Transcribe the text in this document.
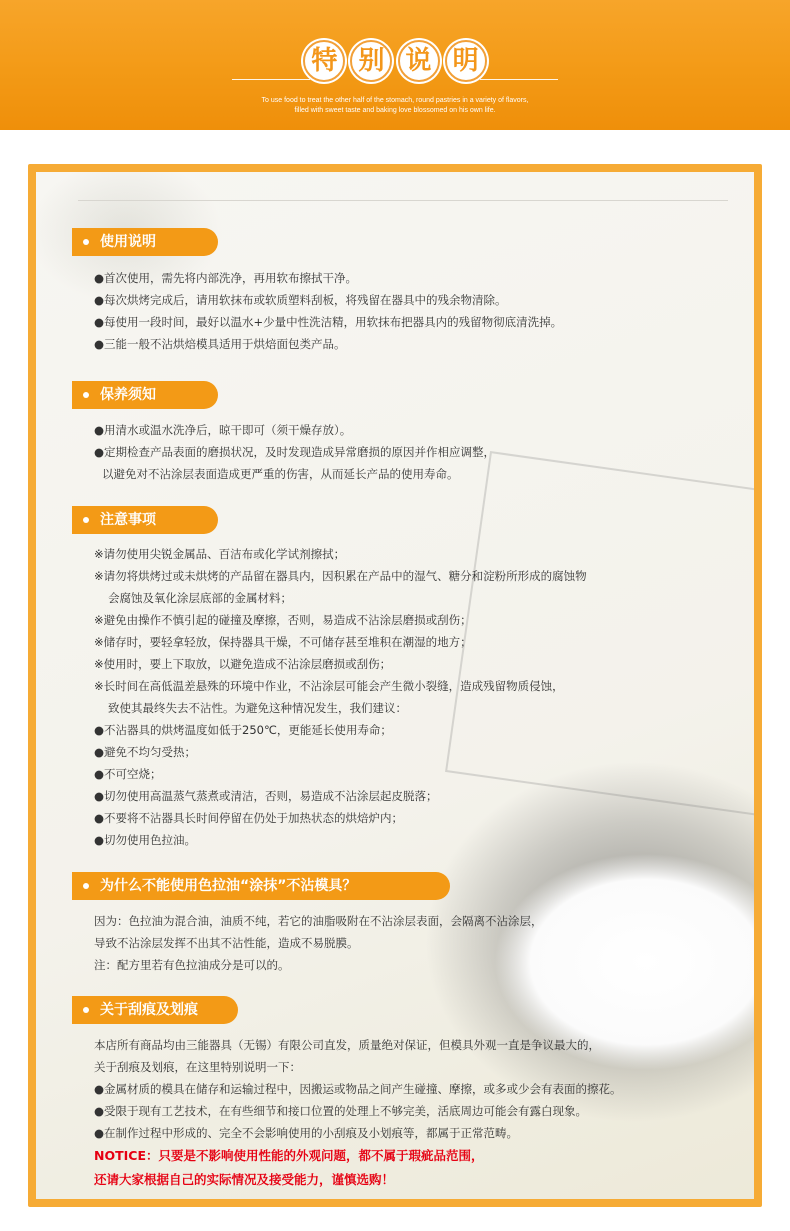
特 别 说 明
To use food to treat the other half of the stomach, round pastries in a variety of flavors,
filled with sweet taste and baking love blossomed on his own life.
使用说明
●首次使用，需先将内部洗净，再用软布擦拭干净。
●每次烘烤完成后，请用软抹布或软质塑料刮板，将残留在器具中的残余物清除。
●每使用一段时间，最好以温水+少量中性洗洁精，用软抹布把器具内的残留物彻底清洗掉。
●三能一般不沾烘焙模具适用于烘焙面包类产品。
保养须知
●用清水或温水洗净后，晾干即可（须干燥存放）。
●定期检查产品表面的磨损状况，及时发现造成异常磨损的原因并作相应调整，
以避免对不沾涂层表面造成更严重的伤害，从而延长产品的使用寿命。
注意事项
※请勿使用尖锐金属品、百洁布或化学试剂擦拭；
※请勿将烘烤过或未烘烤的产品留在器具内，因积累在产品中的湿气、糖分和淀粉所形成的腐蚀物
会腐蚀及氧化涂层底部的金属材料；
※避免由操作不慎引起的碰撞及摩擦，否则，易造成不沾涂层磨损或刮伤；
※储存时，要轻拿轻放，保持器具干燥，不可储存甚至堆积在潮湿的地方；
※使用时，要上下取放，以避免造成不沾涂层磨损或刮伤；
※长时间在高低温差悬殊的环境中作业，不沾涂层可能会产生微小裂缝，造成残留物质侵蚀，
致使其最终失去不沾性。为避免这种情况发生，我们建议：
●不沾器具的烘烤温度如低于250℃，更能延长使用寿命；
●避免不均匀受热；
●不可空烧；
●切勿使用高温蒸气蒸煮或清洁，否则，易造成不沾涂层起皮脱落；
●不要将不沾器具长时间停留在仍处于加热状态的烘焙炉内；
●切勿使用色拉油。
为什么不能使用色拉油“涂抹”不沾模具？
因为：色拉油为混合油，油质不纯，若它的油脂吸附在不沾涂层表面，会隔离不沾涂层，
导致不沾涂层发挥不出其不沾性能，造成不易脱膜。
注：配方里若有色拉油成分是可以的。
关于刮痕及划痕
本店所有商品均由三能器具（无锡）有限公司直发，质量绝对保证，但模具外观一直是争议最大的，
关于刮痕及划痕，在这里特别说明一下：
●金属材质的模具在储存和运输过程中，因搬运或物品之间产生碰撞、摩擦，或多或少会有表面的擦花。
●受限于现有工艺技术，在有些细节和接口位置的处理上不够完美，活底周边可能会有露白现象。
●在制作过程中形成的、完全不会影响使用的小刮痕及小划痕等，都属于正常范畴。
NOTICE：只要是不影响使用性能的外观问题，都不属于瑕疵品范围，
还请大家根据自己的实际情况及接受能力，谨慎选购！
